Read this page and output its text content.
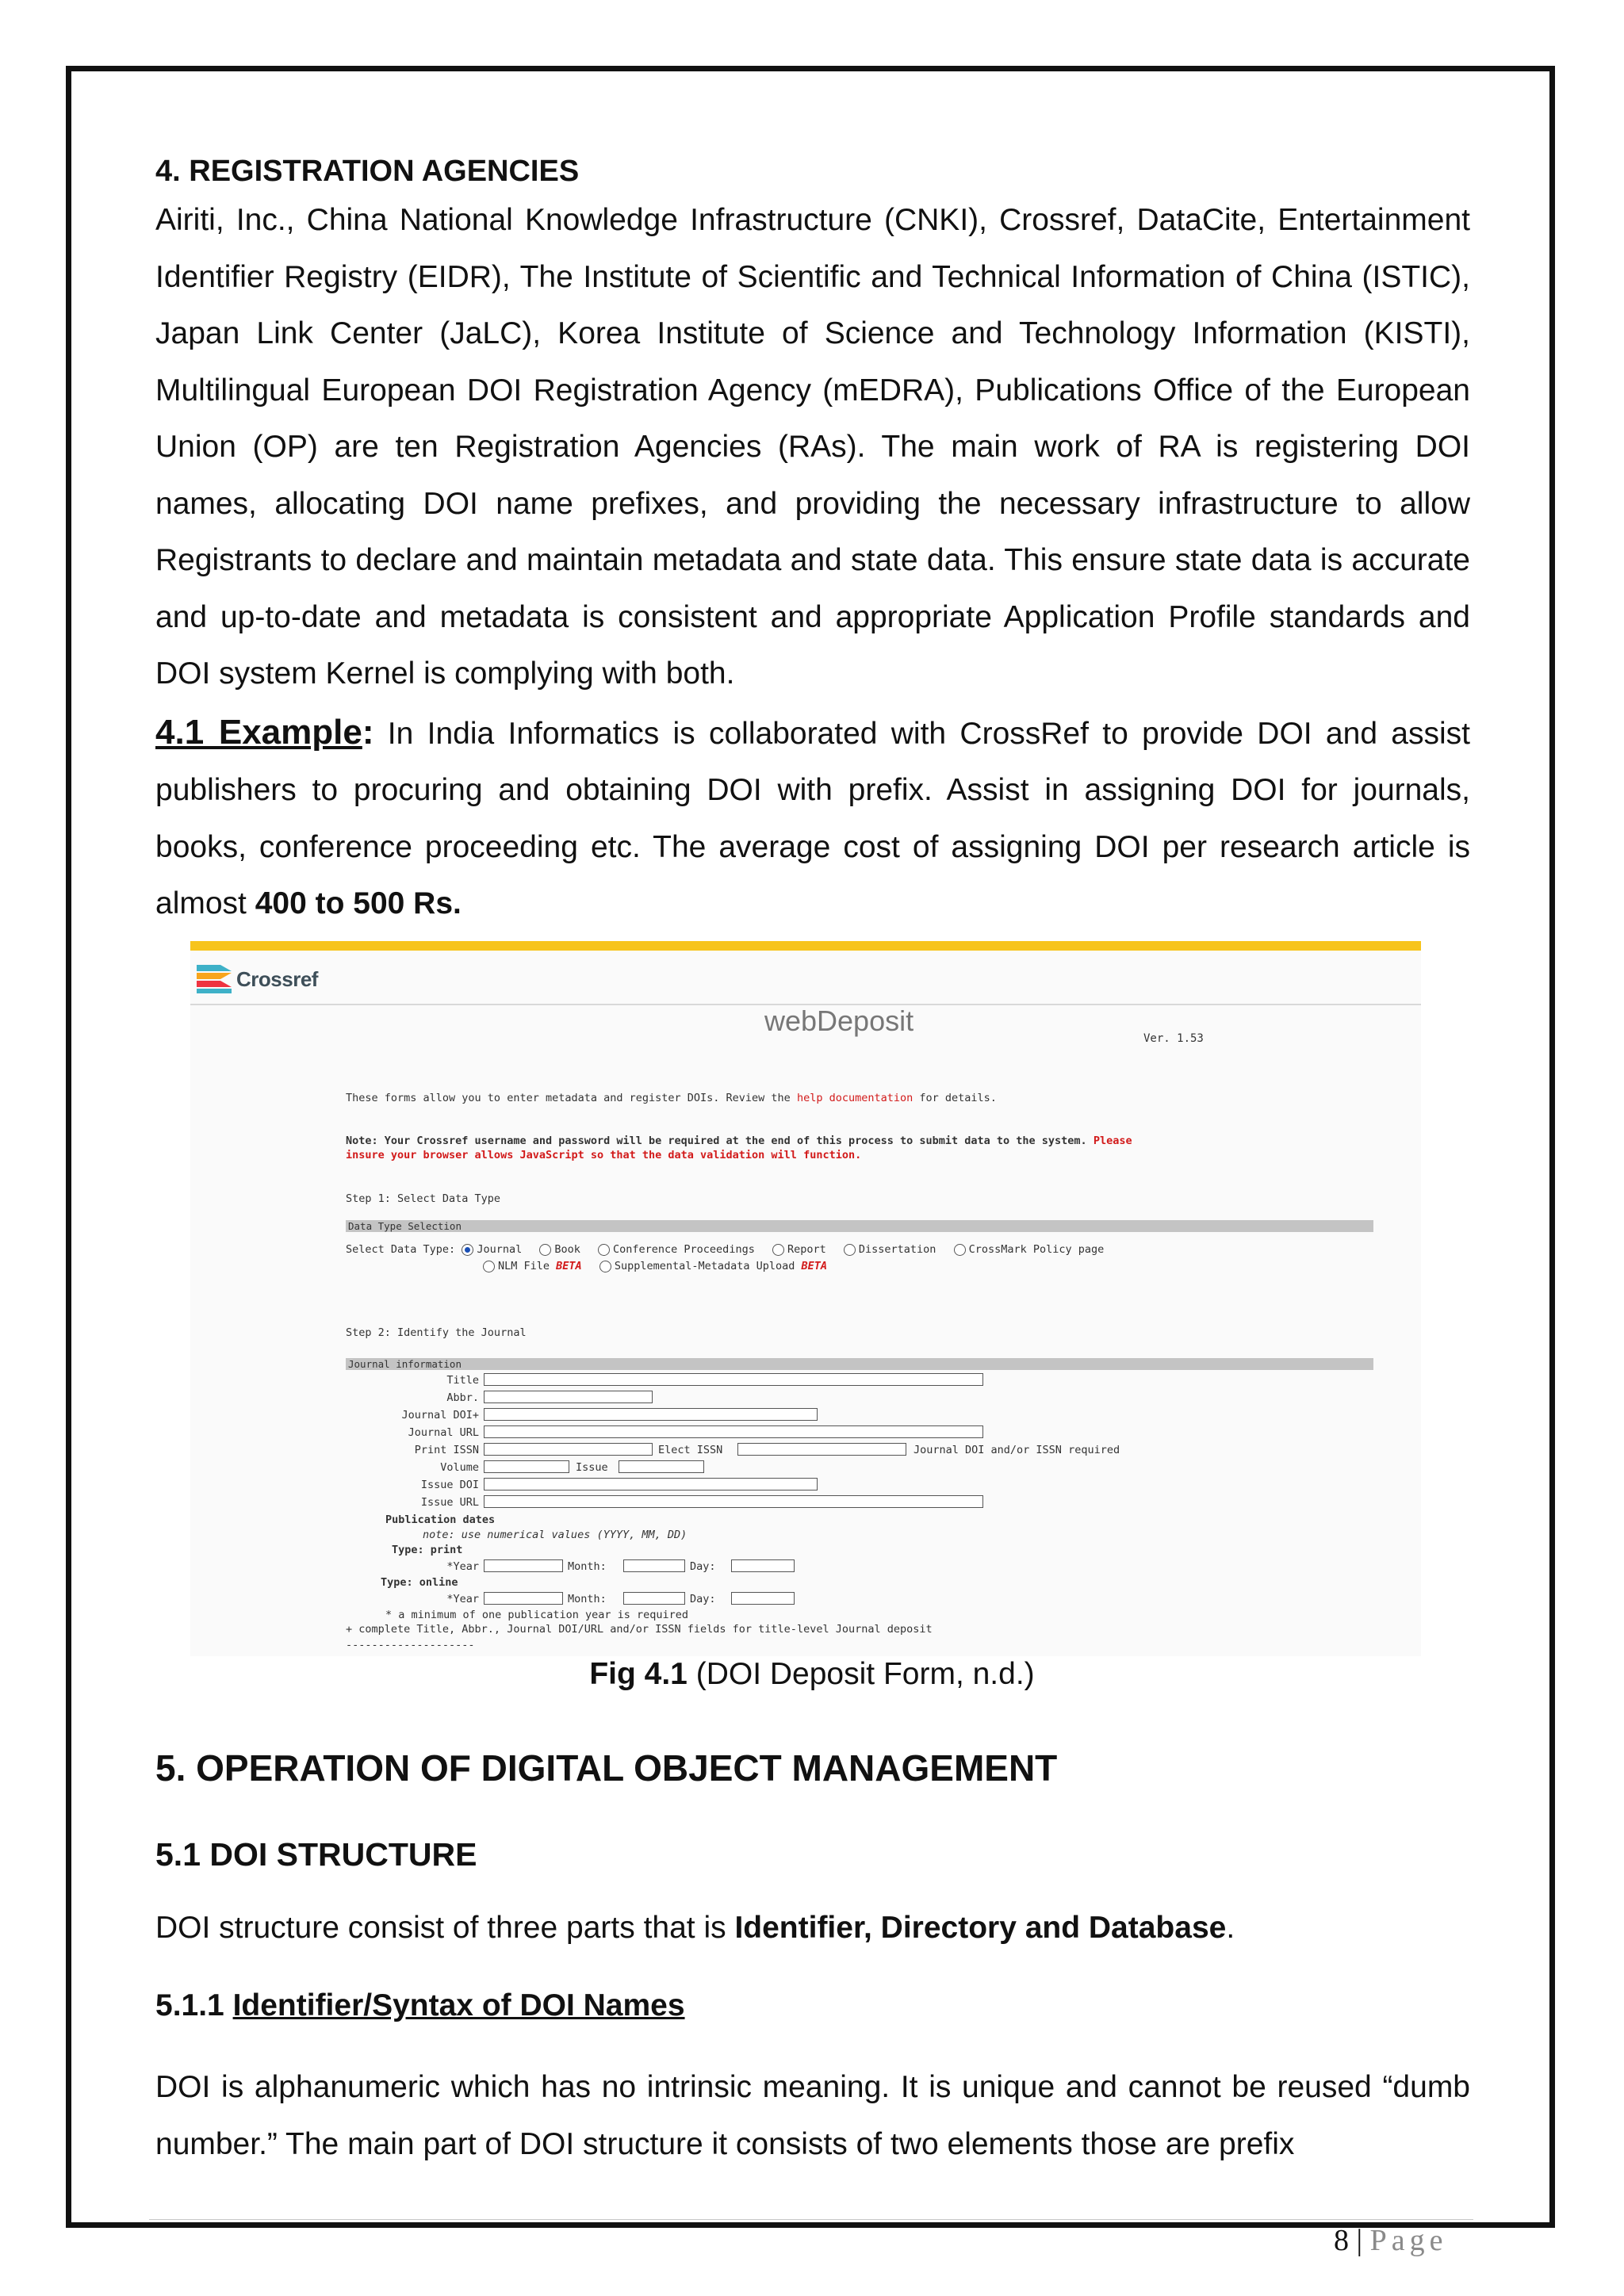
4. REGISTRATION AGENCIES

Airiti, Inc., China National Knowledge Infrastructure (CNKI), Crossref, DataCite, Entertainment Identifier Registry (EIDR), The Institute of Scientific and Technical Information of China (ISTIC), Japan Link Center (JaLC), Korea Institute of Science and Technology Information (KISTI), Multilingual European DOI Registration Agency (mEDRA), Publications Office of the European Union (OP) are ten Registration Agencies (RAs). The main work of RA is registering DOI names, allocating DOI name prefixes, and providing the necessary infrastructure to allow Registrants to declare and maintain metadata and state data. This ensure state data is accurate and up-to-date and metadata is consistent and appropriate Application Profile standards and DOI system Kernel is complying with both.

4.1 Example: In India Informatics is collaborated with CrossRef to provide DOI and assist publishers to procuring and obtaining DOI with prefix. Assist in assigning DOI for journals, books, conference proceeding etc. The average cost of assigning DOI per research article is almost 400 to 500 Rs.

Crossref
webDeposit
Ver. 1.53
These forms allow you to enter metadata and register DOIs. Review the help documentation for details.
Note: Your Crossref username and password will be required at the end of this process to submit data to the system. Please
insure your browser allows JavaScript so that the data validation will function.
Step 1: Select Data Type
Data Type Selection
Select Data Type: Journal	Book	Conference Proceedings	Report	Dissertation	CrossMark Policy page
NLM File BETA	Supplemental-Metadata Upload BETA
Step 2: Identify the Journal
Journal information
Title
Abbr.
Journal DOI+
Journal URL
Print ISSN	Elect ISSN	Journal DOI and/or ISSN required
Volume	Issue
Issue DOI
Issue URL
Publication dates
note: use numerical values (YYYY, MM, DD)
Type: print
*Year	Month:	Day:
Type: online
*Year	Month:	Day:
* a minimum of one publication year is required
+ complete Title, Abbr., Journal DOI/URL and/or ISSN fields for title-level Journal deposit
--------------------
Fig 4.1 (DOI Deposit Form, n.d.)
5. OPERATION OF DIGITAL OBJECT MANAGEMENT
5.1 DOI STRUCTURE

DOI structure consist of three parts that is Identifier, Directory and Database.

5.1.1 Identifier/Syntax of DOI Names

DOI is alphanumeric which has no intrinsic meaning. It is unique and cannot be reused “dumb number.” The main part of DOI structure it consists of two elements those are prefix

8 | Page
